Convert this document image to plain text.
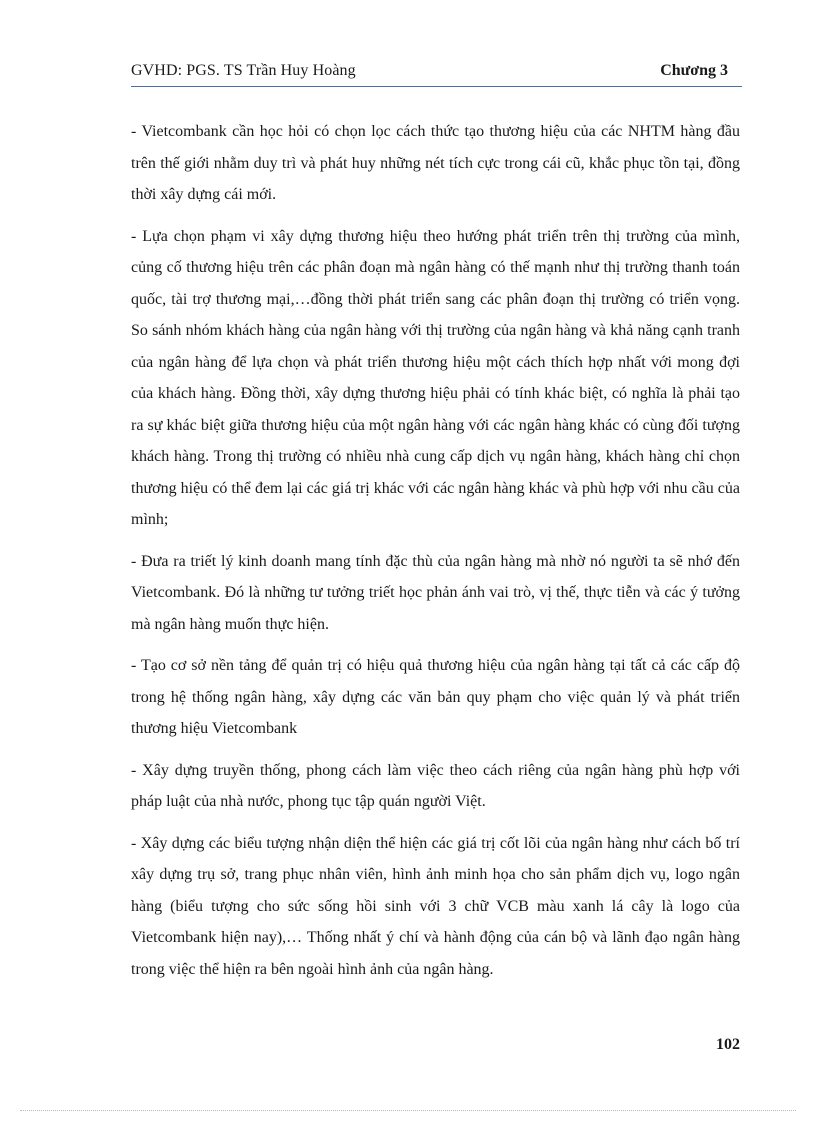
GVHD: PGS. TS Trần Huy Hoàng	Chương 3

- Vietcombank cần học hỏi có chọn lọc cách thức tạo thương hiệu của các NHTM hàng đầu trên thế giới nhằm duy trì và phát huy những nét tích cực trong cái cũ, khắc phục tồn tại, đồng thời xây dựng cái mới.

- Lựa chọn phạm vi xây dựng thương hiệu theo hướng phát triển trên thị trường của mình, củng cố thương hiệu trên các phân đoạn mà ngân hàng có thế mạnh như thị trường thanh toán quốc, tài trợ thương mại,…đồng thời phát triển sang các phân đoạn thị trường có triển vọng. So sánh nhóm khách hàng của ngân hàng với thị trường của ngân hàng và khả năng cạnh tranh của ngân hàng để lựa chọn và phát triển thương hiệu một cách thích hợp nhất với mong đợi của khách hàng. Đồng thời, xây dựng thương hiệu phải có tính khác biệt, có nghĩa là phải tạo ra sự khác biệt giữa thương hiệu của một ngân hàng với các ngân hàng khác có cùng đối tượng khách hàng. Trong thị trường có nhiều nhà cung cấp dịch vụ ngân hàng, khách hàng chỉ chọn thương hiệu có thể đem lại các giá trị khác với các ngân hàng khác và phù hợp với nhu cầu của mình;

- Đưa ra triết lý kinh doanh mang tính đặc thù của ngân hàng mà nhờ nó người ta sẽ nhớ đến Vietcombank. Đó là những tư tưởng triết học phản ánh vai trò, vị thế, thực tiễn và các ý tưởng mà ngân hàng muốn thực hiện.

- Tạo cơ sở nền tảng để quản trị có hiệu quả thương hiệu của ngân hàng tại tất cả các cấp độ trong hệ thống ngân hàng, xây dựng các văn bản quy phạm cho việc quản lý và phát triển thương hiệu Vietcombank

- Xây dựng truyền thống, phong cách làm việc theo cách riêng của ngân hàng phù hợp với pháp luật của nhà nước, phong tục tập quán người Việt.

- Xây dựng các biểu tượng nhận diện thể hiện các giá trị cốt lõi của ngân hàng như cách bố trí xây dựng trụ sở, trang phục nhân viên, hình ảnh minh họa cho sản phẩm dịch vụ, logo ngân hàng (biểu tượng cho sức sống hồi sinh với 3 chữ VCB màu xanh lá cây là logo của Vietcombank hiện nay),… Thống nhất ý chí và hành động của cán bộ và lãnh đạo ngân hàng trong việc thể hiện ra bên ngoài hình ảnh của ngân hàng.

102
